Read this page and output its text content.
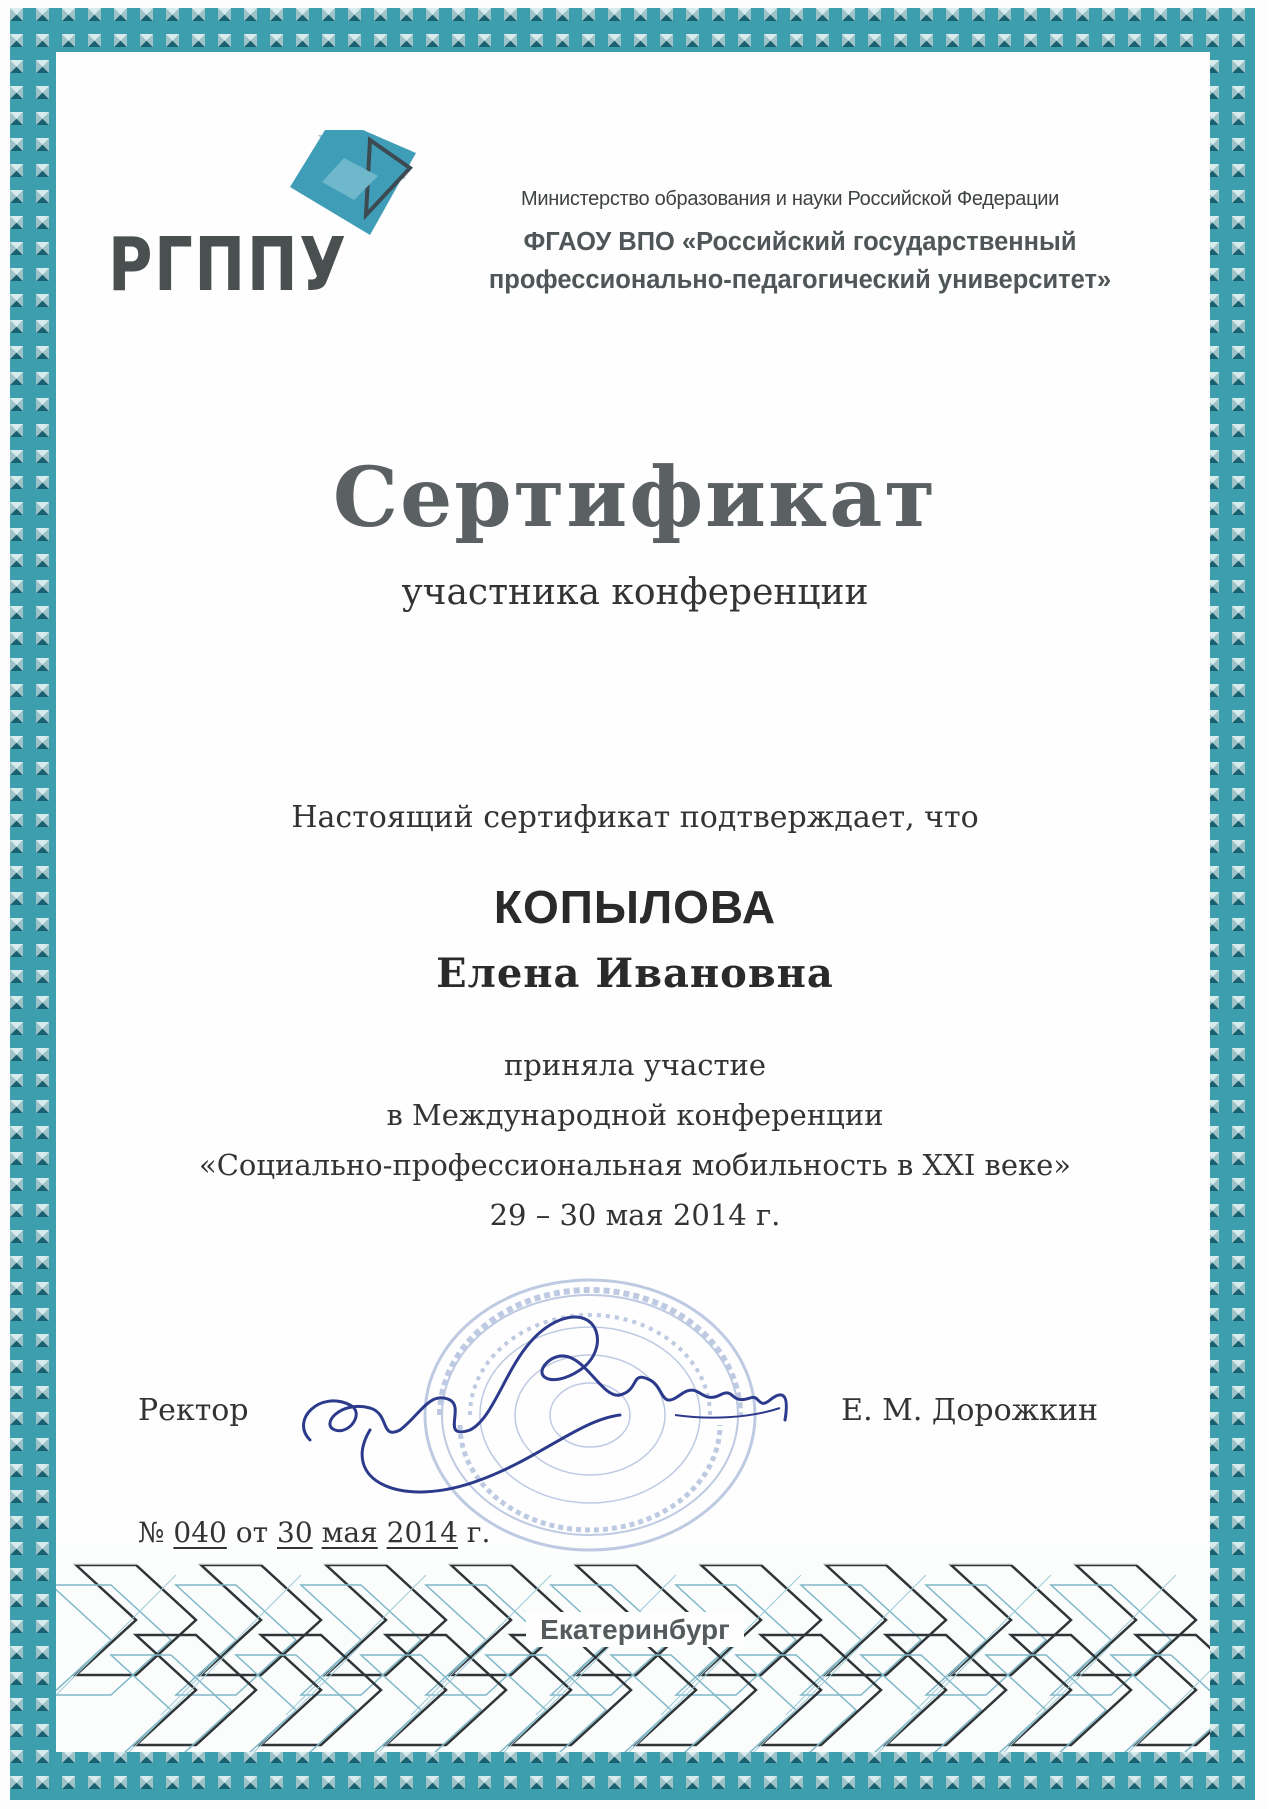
РГППУ
Министерство образования и науки Российской Федерации
ФГАОУ ВПО «Российский государственный
профессионально-педагогический университет»
Сертификат
участника конференции
Настоящий сертификат подтверждает, что
КОПЫЛОВА
Елена Ивановна
приняла участие
в Международной конференции
«Социально-профессиональная мобильность в XXI веке»
29 – 30 мая 2014 г.
Ректор	Е. М. Дорожкин
№ 040 от 30 мая 2014 г.
Екатеринбург
